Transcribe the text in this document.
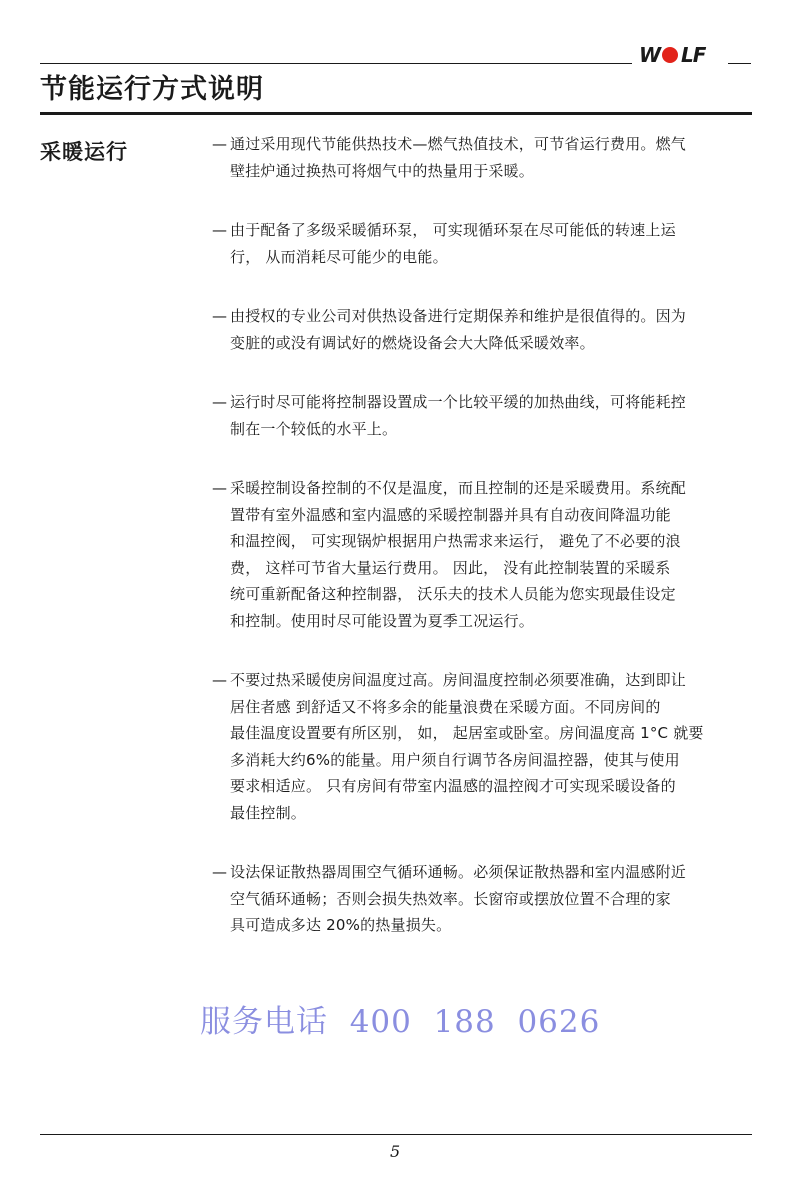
W LF
节能运行方式说明
采暖运行	— 通过采用现代节能供热技术—燃气热值技术，可节省运行费用。燃气
壁挂炉通过换热可将烟气中的热量用于采暖。
— 由于配备了多级采暖循环泵， 可实现循环泵在尽可能低的转速上运
行， 从而消耗尽可能少的电能。
— 由授权的专业公司对供热设备进行定期保养和维护是很值得的。因为
变脏的或没有调试好的燃烧设备会大大降低采暖效率。
— 运行时尽可能将控制器设置成一个比较平缓的加热曲线，可将能耗控
制在一个较低的水平上。
— 采暖控制设备控制的不仅是温度，而且控制的还是采暖费用。系统配
置带有室外温感和室内温感的采暖控制器并具有自动夜间降温功能
和温控阀， 可实现锅炉根据用户热需求来运行， 避免了不必要的浪
费， 这样可节省大量运行费用。 因此， 没有此控制装置的采暖系
统可重新配备这种控制器， 沃乐夫的技术人员能为您实现最佳设定
和控制。使用时尽可能设置为夏季工况运行。
— 不要过热采暖使房间温度过高。房间温度控制必须要准确，达到即让
居住者感 到舒适又不将多余的能量浪费在采暖方面。不同房间的
最佳温度设置要有所区别， 如， 起居室或卧室。房间温度高 1°C 就要
多消耗大约6%的能量。用户须自行调节各房间温控器，使其与使用
要求相适应。 只有房间有带室内温感的温控阀才可实现采暖设备的
最佳控制。
— 设法保证散热器周围空气循环通畅。必须保证散热器和室内温感附近
空气循环通畅；否则会损失热效率。长窗帘或摆放位置不合理的家
具可造成多达 20%的热量损失。
服务电话  400  188  0626
5
